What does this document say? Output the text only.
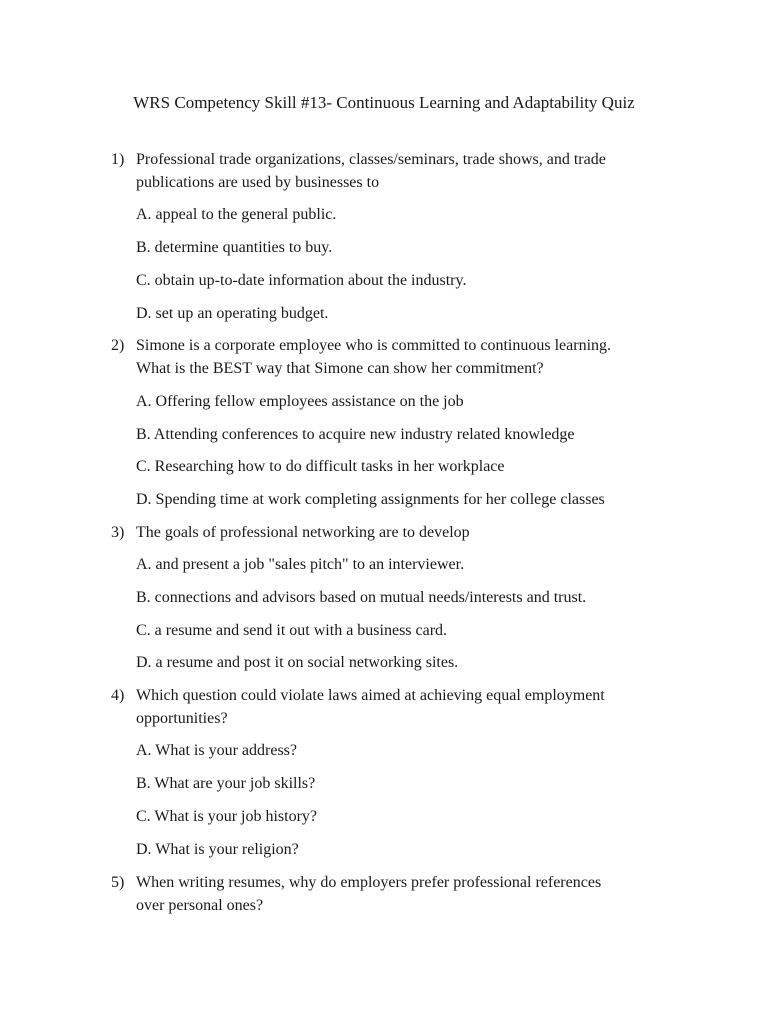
WRS Competency Skill #13- Continuous Learning and Adaptability Quiz
1) Professional trade organizations, classes/seminars, trade shows, and trade
publications are used by businesses to
A. appeal to the general public.
B. determine quantities to buy.
C. obtain up-to-date information about the industry.
D. set up an operating budget.
2) Simone is a corporate employee who is committed to continuous learning.
What is the BEST way that Simone can show her commitment?
A. Offering fellow employees assistance on the job
B. Attending conferences to acquire new industry related knowledge
C. Researching how to do difficult tasks in her workplace
D. Spending time at work completing assignments for her college classes
3) The goals of professional networking are to develop
A. and present a job "sales pitch" to an interviewer.
B. connections and advisors based on mutual needs/interests and trust.
C. a resume and send it out with a business card.
D. a resume and post it on social networking sites.
4) Which question could violate laws aimed at achieving equal employment
opportunities?
A. What is your address?
B. What are your job skills?
C. What is your job history?
D. What is your religion?
5) When writing resumes, why do employers prefer professional references
over personal ones?
